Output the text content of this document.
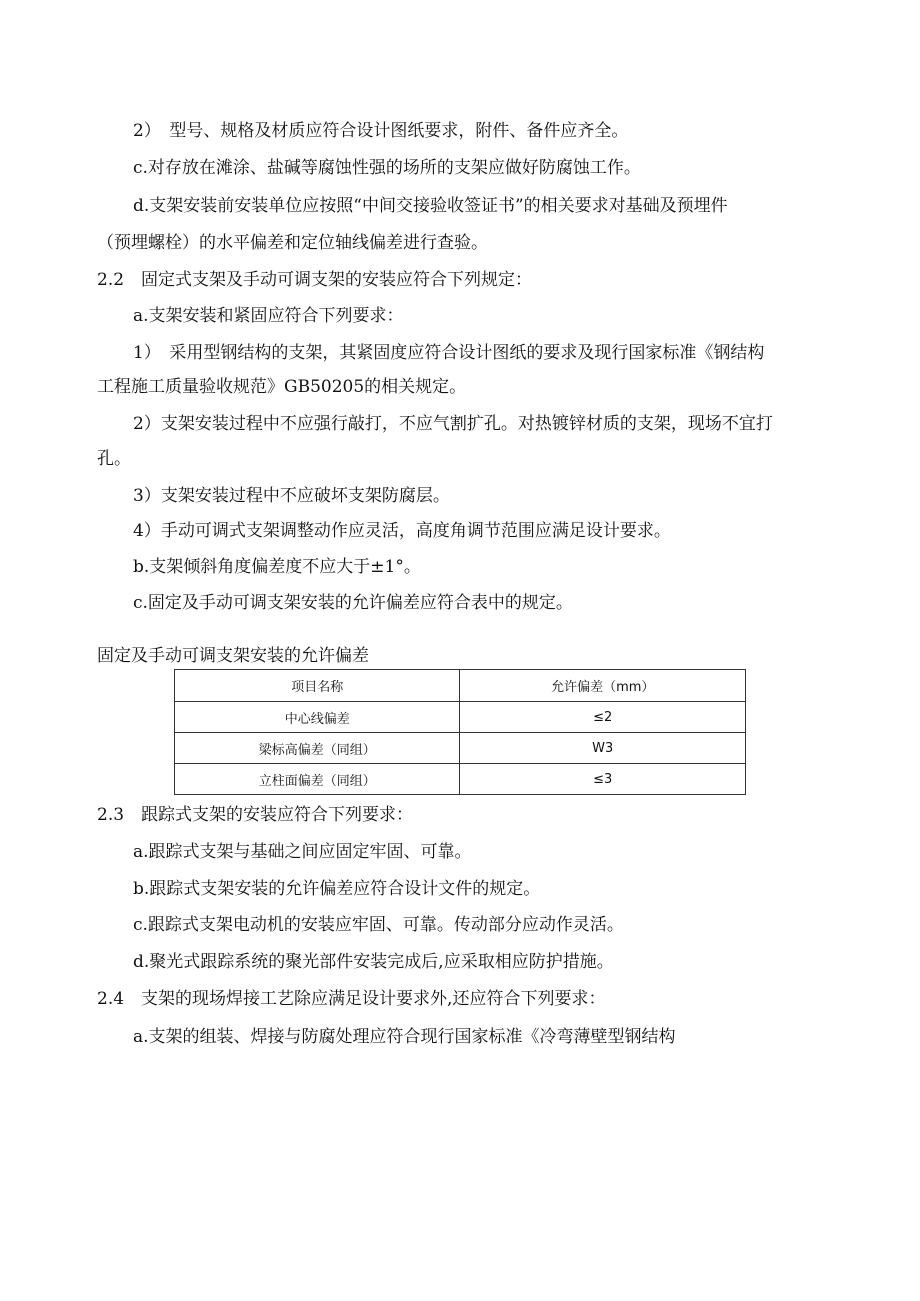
2）　型号、规格及材质应符合设计图纸要求，附件、备件应齐全。
c.对存放在滩涂、盐碱等腐蚀性强的场所的支架应做好防腐蚀工作。
d.支架安装前安装单位应按照“中间交接验收签证书”的相关要求对基础及预埋件
（预埋螺栓）的水平偏差和定位轴线偏差进行查验。
2.2　固定式支架及手动可调支架的安装应符合下列规定：
a.支架安装和紧固应符合下列要求：
1）　采用型钢结构的支架，其紧固度应符合设计图纸的要求及现行国家标准《钢结构
工程施工质量验收规范》GB50205的相关规定。
2）支架安装过程中不应强行敲打，不应气割扩孔。对热镀锌材质的支架，现场不宜打
孔。
3）支架安装过程中不应破坏支架防腐层。
4）手动可调式支架调整动作应灵活，高度角调节范围应满足设计要求。
b.支架倾斜角度偏差度不应大于±1°。
c.固定及手动可调支架安装的允许偏差应符合表中的规定。
固定及手动可调支架安装的允许偏差
项目名称	允许偏差（mm）
中心线偏差	≤2
梁标高偏差（同组）	W3
立柱面偏差（同组）	≤3
2.3　跟踪式支架的安装应符合下列要求：
a.跟踪式支架与基础之间应固定牢固、可靠。
b.跟踪式支架安装的允许偏差应符合设计文件的规定。
c.跟踪式支架电动机的安装应牢固、可靠。传动部分应动作灵活。
d.聚光式跟踪系统的聚光部件安装完成后,应采取相应防护措施。
2.4　支架的现场焊接工艺除应满足设计要求外,还应符合下列要求：
a.支架的组装、焊接与防腐处理应符合现行国家标准《冷弯薄壁型钢结构
